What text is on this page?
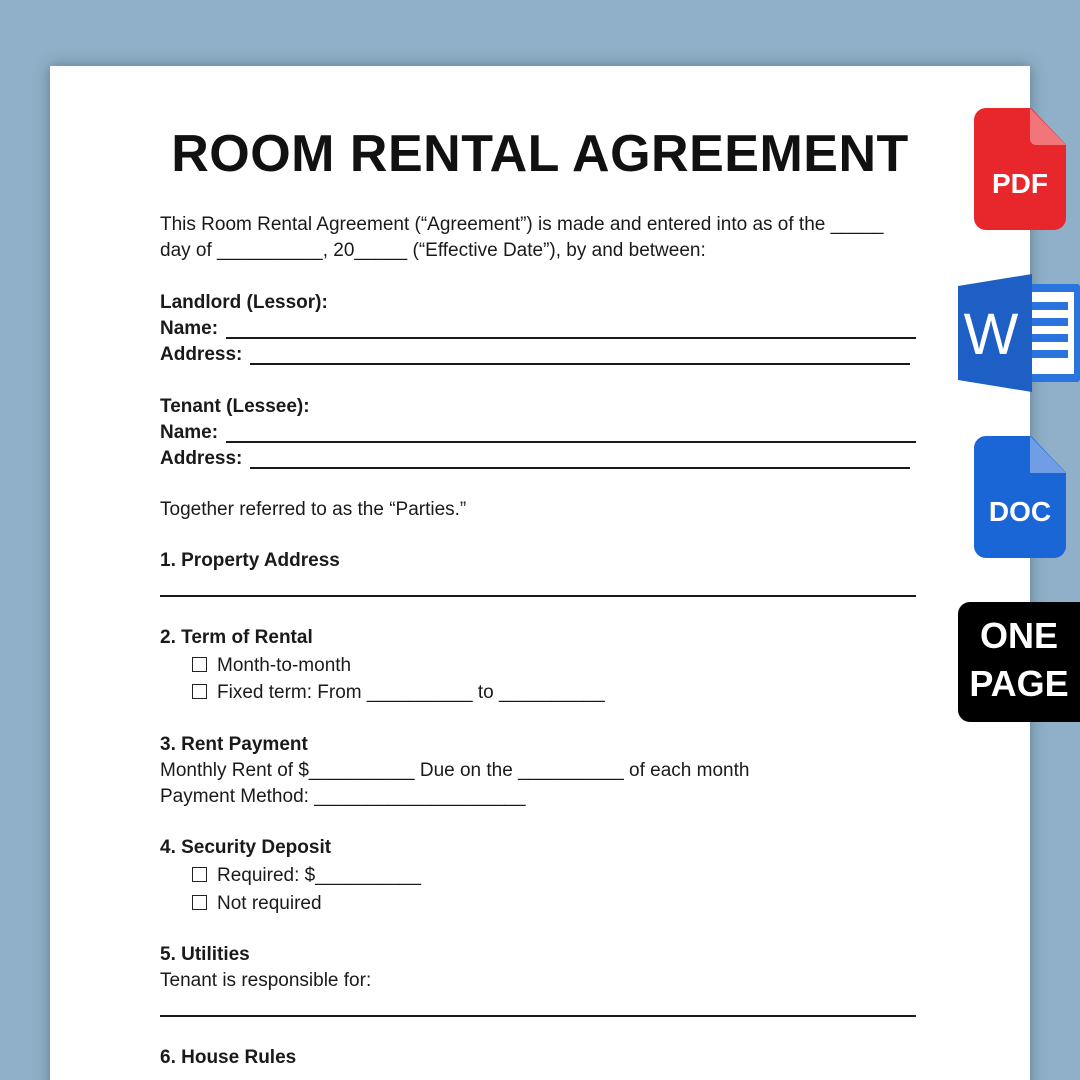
ROOM RENTAL AGREEMENT
This Room Rental Agreement (“Agreement”) is made and entered into as of the _____
day of __________, 20_____ (“Effective Date”), by and between:
Landlord (Lessor):
Name:
Address:
Tenant (Lessee):
Name:
Address:
Together referred to as the “Parties.”
1. Property Address
2. Term of Rental
Month-to-month
Fixed term: From __________ to __________
3. Rent Payment
Monthly Rent of $__________ Due on the __________ of each month
Payment Method: ____________________
4. Security Deposit
Required: $__________
Not required
5. Utilities
Tenant is responsible for:
6. House Rules
PDF
W
DOC
ONE
PAGE
